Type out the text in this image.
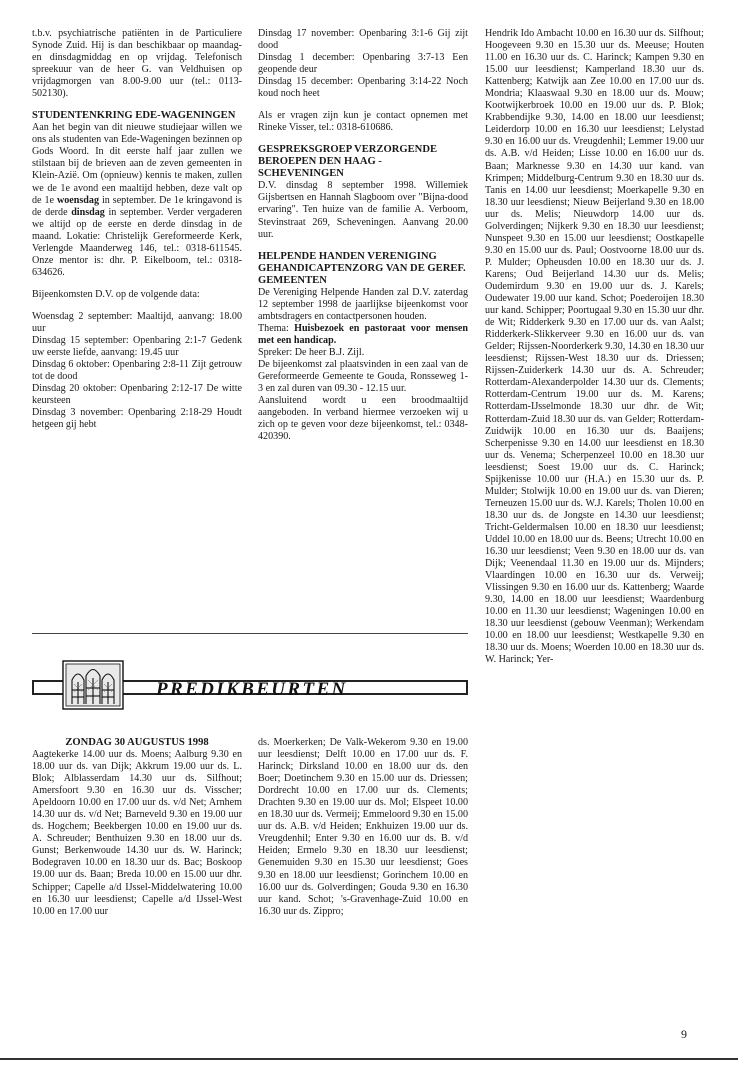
t.b.v. psychiatrische patiënten in de Particuliere Synode Zuid. Hij is dan beschikbaar op maandag- en dinsdagmiddag en op vrijdag. Telefonisch spreekuur van de heer G. van Veldhuisen op vrijdagmorgen van 8.00-9.00 uur (tel.: 0113-502130).

STUDENTENKRING EDE-WAGENINGEN

Aan het begin van dit nieuwe studiejaar willen we ons als studenten van Ede-Wageningen bezinnen op Gods Woord. In dit eerste half jaar zullen we stilstaan bij de brieven aan de zeven gemeenten in Klein-Azië. Om (opnieuw) kennis te maken, zullen we de 1e avond een maaltijd hebben, deze valt op de 1e woensdag in september. De 1e kringavond is de derde dinsdag in september. Verder vergaderen we altijd op de eerste en derde dinsdag in de maand. Lokatie: Christelijk Gereformeerde Kerk, Verlengde Maanderweg 146, tel.: 0318-611545. Onze mentor is: dhr. P. Eikelboom, tel.: 0318-634626.

Bijeenkomsten D.V. op de volgende data:

Woensdag 2 september: Maaltijd, aanvang: 18.00 uur

Dinsdag 15 september: Openbaring 2:1-7 Gedenk uw eerste liefde, aanvang: 19.45 uur

Dinsdag 6 oktober: Openbaring 2:8-11 Zijt getrouw tot de dood

Dinsdag 20 oktober: Openbaring 2:12-17 De witte keursteen

Dinsdag 3 november: Openbaring 2:18-29 Houdt hetgeen gij hebt

Dinsdag 17 november: Openbaring 3:1-6 Gij zijt dood

Dinsdag 1 december: Openbaring 3:7-13 Een geopende deur

Dinsdag 15 december: Openbaring 3:14-22 Noch koud noch heet

Als er vragen zijn kun je contact opnemen met Rineke Visser, tel.: 0318-610686.

GESPREKSGROEP VERZORGENDE BEROEPEN DEN HAAG - SCHEVENINGEN

D.V. dinsdag 8 september 1998. Willemiek Gijsbertsen en Hannah Slagboom over "Bijna-dood ervaring". Ten huize van de familie A. Verboom, Stevinstraat 269, Scheveningen. Aanvang 20.00 uur.

HELPENDE HANDEN VERENIGING GEHANDICAPTENZORG VAN DE GEREF. GEMEENTEN

De Vereniging Helpende Handen zal D.V. zaterdag 12 september 1998 de jaarlijkse bijeenkomst voor ambtsdragers en contactpersonen houden.

Thema: Huisbezoek en pastoraat voor mensen met een handicap.

Spreker: De heer B.J. Zijl.

De bijeenkomst zal plaatsvinden in een zaal van de Gereformeerde Gemeente te Gouda, Ronsseweg 1-3 en zal duren van 09.30 - 12.15 uur.

Aansluitend wordt u een broodmaaltijd aangeboden. In verband hiermee verzoeken wij u zich op te geven voor deze bijeenkomst, tel.: 0348-420390.

Hendrik Ido Ambacht 10.00 en 16.30 uur ds. Silfhout; Hoogeveen 9.30 en 15.30 uur ds. Meeuse; Houten 11.00 en 16.30 uur ds. C. Harinck; Kampen 9.30 en 15.00 uur leesdienst; Kamperland 18.30 uur ds. Kattenberg; Katwijk aan Zee 10.00 en 17.00 uur ds. Mondria; Klaaswaal 9.30 en 18.00 uur ds. Mouw; Kootwijkerbroek 10.00 en 19.00 uur ds. P. Blok; Krabbendijke 9.30, 14.00 en 18.00 uur leesdienst; Leiderdorp 10.00 en 16.30 uur leesdienst; Lelystad 9.30 en 16.00 uur ds. Vreugdenhil; Lemmer 19.00 uur ds. A.B. v/d Heiden; Lisse 10.00 en 16.00 uur ds. Baan; Marknesse 9.30 en 14.30 uur kand. van Krimpen; Middelburg-Centrum 9.30 en 18.30 uur ds. Tanis en 14.00 uur leesdienst; Moerkapelle 9.30 en 18.30 uur leesdienst; Nieuw Beijerland 9.30 en 18.00 uur ds. Melis; Nieuwdorp 14.00 uur ds. Golverdingen; Nijkerk 9.30 en 18.30 uur leesdienst; Nunspeet 9.30 en 15.00 uur leesdienst; Oostkapelle 9.30 en 15.00 uur ds. Paul; Oostvoorne 18.00 uur ds. P. Mulder; Opheusden 10.00 en 18.30 uur ds. J. Karens; Oud Beijerland 14.30 uur ds. Melis; Oudemirdum 9.30 en 19.00 uur ds. J. Karels; Oudewater 19.00 uur kand. Schot; Poederoijen 18.30 uur kand. Schipper; Poortugaal 9.30 en 15.30 uur dhr. de Wit; Ridderkerk 9.30 en 17.00 uur ds. van Aalst; Ridderkerk-Slikkerveer 9.30 en 16.00 uur ds. van Gelder; Rijssen-Noorderkerk 9.30, 14.30 en 18.30 uur leesdienst; Rijssen-West 18.30 uur ds. Driessen; Rijssen-Zuiderkerk 14.30 uur ds. A. Schreuder; Rotterdam-Alexanderpolder 14.30 uur ds. Clements; Rotterdam-Centrum 19.00 uur ds. M. Karens; Rotterdam-IJsselmonde 18.30 uur dhr. de Wit; Rotterdam-Zuid 18.30 uur ds. van Gelder; Rotterdam-Zuidwijk 10.00 en 16.30 uur ds. Baaijens; Scherpenisse 9.30 en 14.00 uur leesdienst en 18.30 uur ds. Venema; Scherpenzeel 10.00 en 18.30 uur leesdienst; Soest 19.00 uur ds. C. Harinck; Spijkenisse 10.00 uur (H.A.) en 15.30 uur ds. P. Mulder; Stolwijk 10.00 en 19.00 uur ds. van Dieren; Terneuzen 15.00 uur ds. W.J. Karels; Tholen 10.00 en 18.30 uur ds. de Jongste en 14.30 uur leesdienst; Tricht-Geldermalsen 10.00 en 18.30 uur leesdienst; Uddel 10.00 en 18.00 uur ds. Beens; Utrecht 10.00 en 16.30 uur leesdienst; Veen 9.30 en 18.00 uur ds. van Dijk; Veenendaal 11.30 en 19.00 uur ds. Mijnders; Vlaardingen 10.00 en 16.30 uur ds. Verweij; Vlissingen 9.30 en 16.00 uur ds. Kattenberg; Waarde 9.30, 14.00 en 18.00 uur leesdienst; Waardenburg 10.00 en 11.30 uur leesdienst; Wageningen 10.00 en 18.30 uur leesdienst (gebouw Veenman); Werkendam 10.00 en 18.00 uur leesdienst; Westkapelle 9.30 en 18.30 uur ds. Moens; Woerden 10.00 en 18.30 uur ds. W. Harinck; Yer-

PREDIKBEURTEN
ZONDAG 30 AUGUSTUS 1998

Aagtekerke 14.00 uur ds. Moens; Aalburg 9.30 en 18.00 uur ds. van Dijk; Akkrum 19.00 uur ds. L. Blok; Alblasserdam 14.30 uur ds. Silfhout; Amersfoort 9.30 en 16.30 uur ds. Visscher; Apeldoorn 10.00 en 17.00 uur ds. v/d Net; Arnhem 14.30 uur ds. v/d Net; Barneveld 9.30 en 19.00 uur ds. Hogchem; Beekbergen 10.00 en 19.00 uur ds. A. Schreuder; Benthuizen 9.30 en 18.00 uur ds. Gunst; Berkenwoude 14.30 uur ds. W. Harinck; Bodegraven 10.00 en 18.30 uur ds. Bac; Boskoop 19.00 uur ds. Baan; Breda 10.00 en 15.00 uur dhr. Schipper; Capelle a/d IJssel-Middelwatering 10.00 en 16.30 uur leesdienst; Capelle a/d IJssel-West 10.00 en 17.00 uur

ds. Moerkerken; De Valk-Wekerom 9.30 en 19.00 uur leesdienst; Delft 10.00 en 17.00 uur ds. F. Harinck; Dirksland 10.00 en 18.00 uur ds. den Boer; Doetinchem 9.30 en 15.00 uur ds. Driessen; Dordrecht 10.00 en 17.00 uur ds. Clements; Drachten 9.30 en 19.00 uur ds. Mol; Elspeet 10.00 en 18.30 uur ds. Vermeij; Emmeloord 9.30 en 15.00 uur ds. A.B. v/d Heiden; Enkhuizen 19.00 uur ds. Vreugdenhil; Enter 9.30 en 16.00 uur ds. B. v/d Heiden; Ermelo 9.30 en 18.30 uur leesdienst; Genemuiden 9.30 en 15.30 uur leesdienst; Goes 9.30 en 18.00 uur leesdienst; Gorinchem 10.00 en 16.00 uur ds. Golverdingen; Gouda 9.30 en 16.30 uur kand. Schot; 's-Gravenhage-Zuid 10.00 en 16.30 uur ds. Zippro;

9
